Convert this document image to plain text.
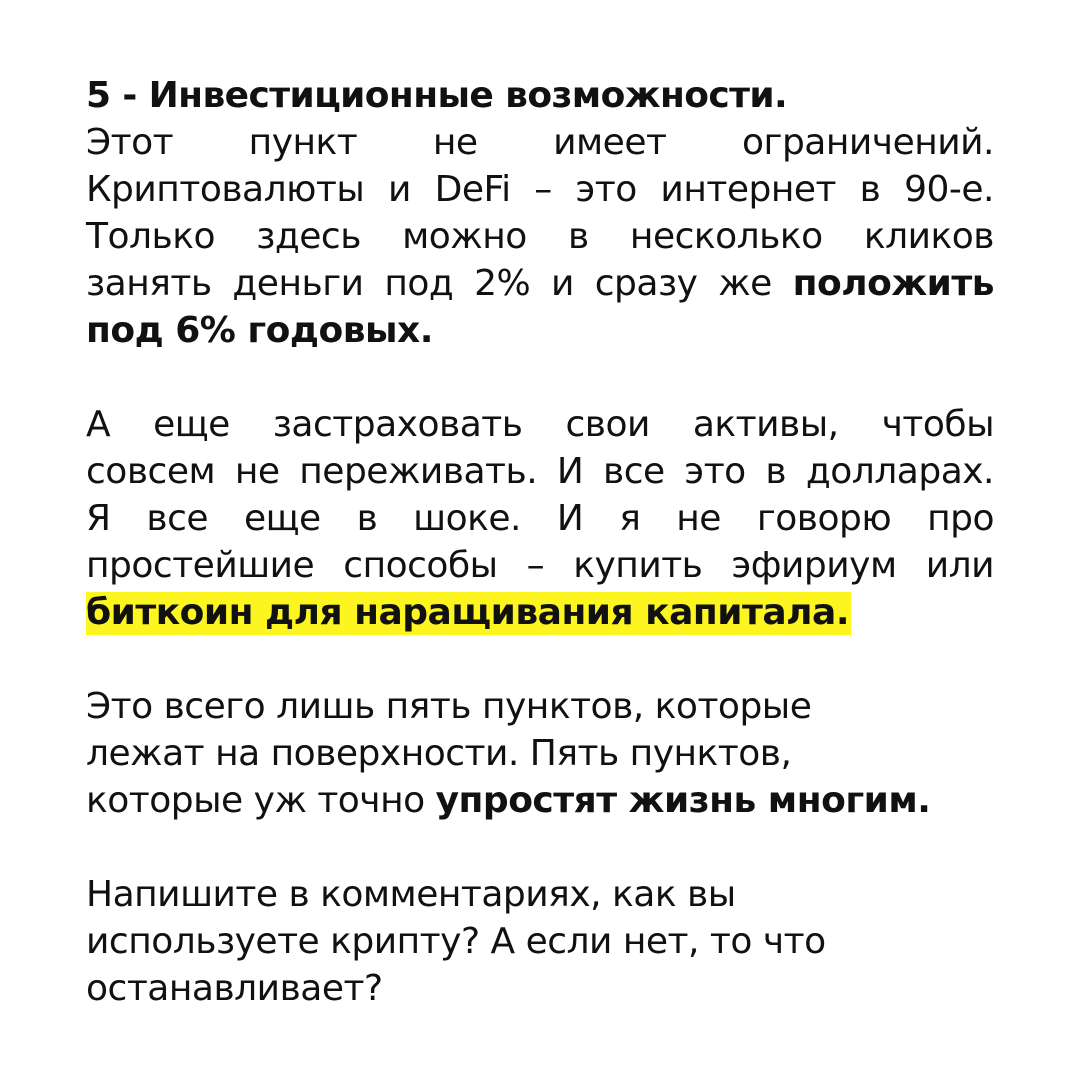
5 - Инвестиционные возможности.
Этот пункт не имеет ограничений.
Криптовалюты и DeFi – это интернет в 90-е.
Только здесь можно в несколько кликов
занять деньги под 2% и сразу же положить
под 6% годовых.
А еще застраховать свои активы, чтобы
совсем не переживать. И все это в долларах.
Я все еще в шоке. И я не говорю про
простейшие способы – купить эфириум или
биткоин для наращивания капитала.
Это всего лишь пять пунктов, которые
лежат на поверхности. Пять пунктов,
которые уж точно упростят жизнь многим.
Напишите в комментариях, как вы
используете крипту? А если нет, то что
останавливает?
